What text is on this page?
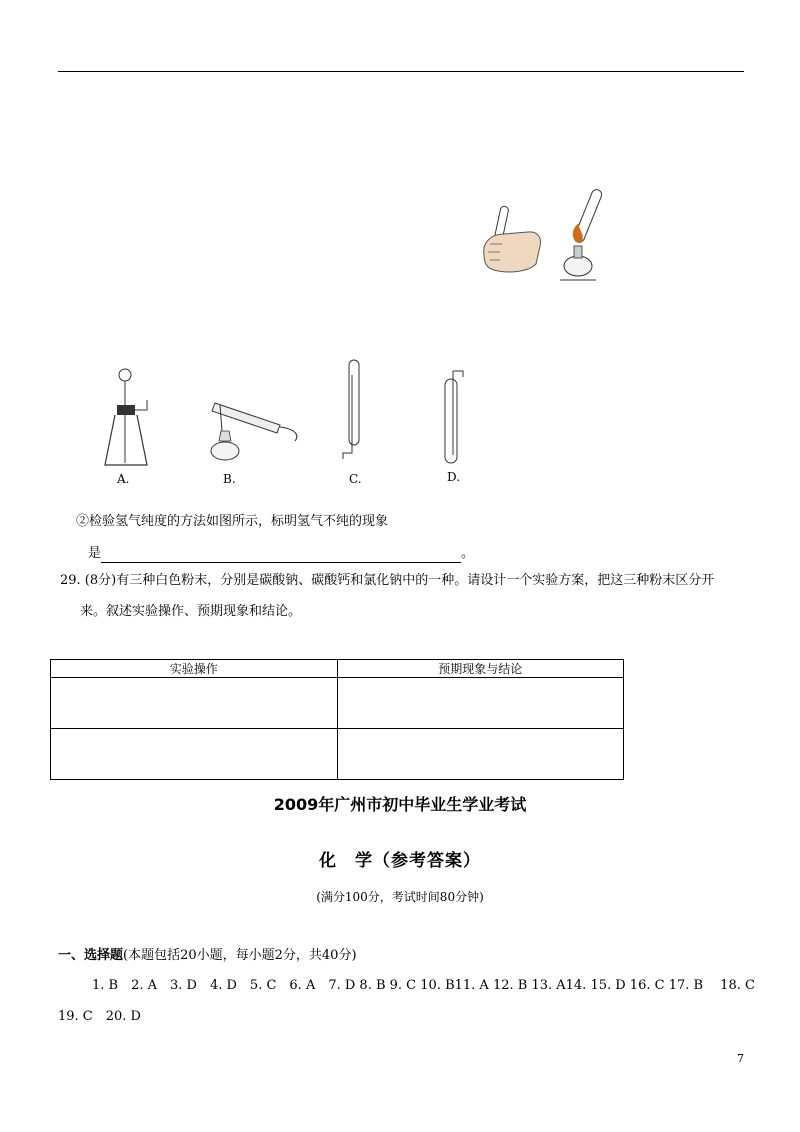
A.	B.	C.	D.
②检验氢气纯度的方法如图所示，标明氢气不纯的现象
是	。
29. (8分)有三种白色粉末，分别是碳酸钠、碳酸钙和氯化钠中的一种。请设计一个实验方案，把这三种粉末区分开
来。叙述实验操作、预期现象和结论。
实验操作	预期现象与结论

2009年广州市初中毕业生学业考试
化　学（参考答案）
(满分100分，考试时间80分钟)
一、选择题(本题包括20小题，每小题2分，共40分)
1. B　2. A　3. D　4. D　5. C　6. A　7. D 8. B 9. C 10. B11. A 12. B 13. A14. 15. D 16. C 17. B　 18. C
19. C　20. D
7
